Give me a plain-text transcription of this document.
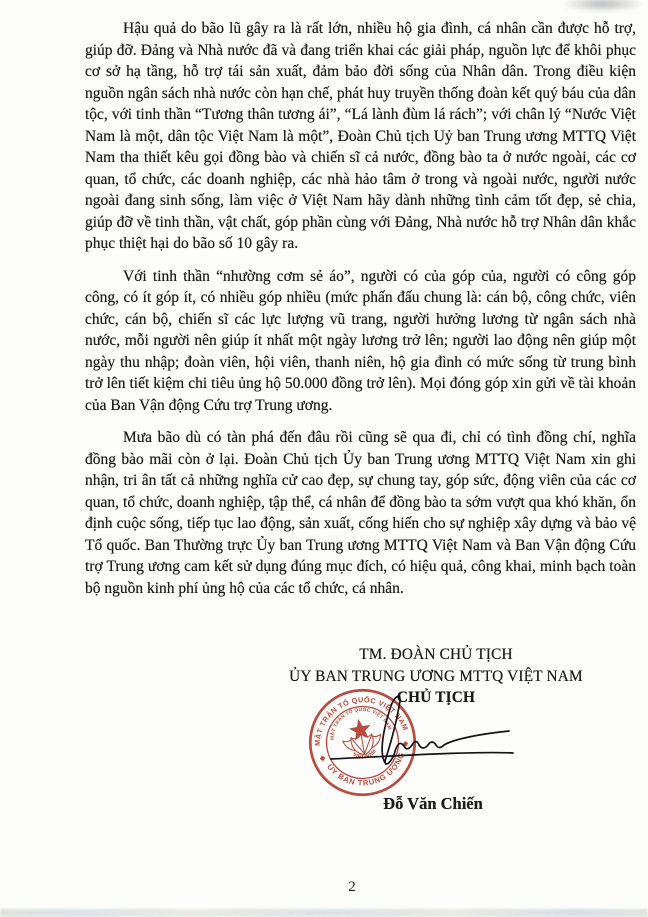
Hậu quả do bão lũ gây ra là rất lớn, nhiều hộ gia đình, cá nhân cần được hỗ trợ, giúp đỡ. Đảng và Nhà nước đã và đang triển khai các giải pháp, nguồn lực để khôi phục cơ sở hạ tầng, hỗ trợ tái sản xuất, đảm bảo đời sống của Nhân dân. Trong điều kiện nguồn ngân sách nhà nước còn hạn chế, phát huy truyền thống đoàn kết quý báu của dân tộc, với tinh thần “Tương thân tương ái”, “Lá lành đùm lá rách”; với chân lý “Nước Việt Nam là một, dân tộc Việt Nam là một”, Đoàn Chủ tịch Uỷ ban Trung ương MTTQ Việt Nam tha thiết kêu gọi đồng bào và chiến sĩ cả nước, đồng bào ta ở nước ngoài, các cơ quan, tổ chức, các doanh nghiệp, các nhà hảo tâm ở trong và ngoài nước, người nước ngoài đang sinh sống, làm việc ở Việt Nam hãy dành những tình cảm tốt đẹp, sẻ chia, giúp đỡ về tinh thần, vật chất, góp phần cùng với Đảng, Nhà nước hỗ trợ Nhân dân khắc phục thiệt hại do bão số 10 gây ra.

Với tinh thần “nhường cơm sẻ áo”, người có của góp của, người có công góp công, có ít góp ít, có nhiều góp nhiều (mức phấn đấu chung là: cán bộ, công chức, viên chức, cán bộ, chiến sĩ các lực lượng vũ trang, người hưởng lương từ ngân sách nhà nước, mỗi người nên giúp ít nhất một ngày lương trở lên; người lao động nên giúp một ngày thu nhập; đoàn viên, hội viên, thanh niên, hộ gia đình có mức sống từ trung bình trở lên tiết kiệm chi tiêu ủng hộ 50.000 đồng trở lên). Mọi đóng góp xin gửi về tài khoản của Ban Vận động Cứu trợ Trung ương.

Mưa bão dù có tàn phá đến đâu rồi cũng sẽ qua đi, chỉ có tình đồng chí, nghĩa đồng bào mãi còn ở lại. Đoàn Chủ tịch Ủy ban Trung ương MTTQ Việt Nam xin ghi nhận, tri ân tất cả những nghĩa cử cao đẹp, sự chung tay, góp sức, động viên của các cơ quan, tổ chức, doanh nghiệp, tập thể, cá nhân để đồng bào ta sớm vượt qua khó khăn, ổn định cuộc sống, tiếp tục lao động, sản xuất, cống hiến cho sự nghiệp xây dựng và bảo vệ Tổ quốc. Ban Thường trực Ủy ban Trung ương MTTQ Việt Nam và Ban Vận động Cứu trợ Trung ương cam kết sử dụng đúng mục đích, có hiệu quả, công khai, minh bạch toàn bộ nguồn kinh phí ủng hộ của các tổ chức, cá nhân.

TM. ĐOÀN CHỦ TỊCH
ỦY BAN TRUNG ƯƠNG MTTQ VIỆT NAM
CHỦ TỊCH
MẶT TRẬN TỔ QUỐC VIỆT NAM
ỦY BAN TRUNG ƯƠNG
MẶT TRẬN TỔ QUỐC VIỆT NAM
VIỆT NAM
Đỗ Văn Chiến
2
